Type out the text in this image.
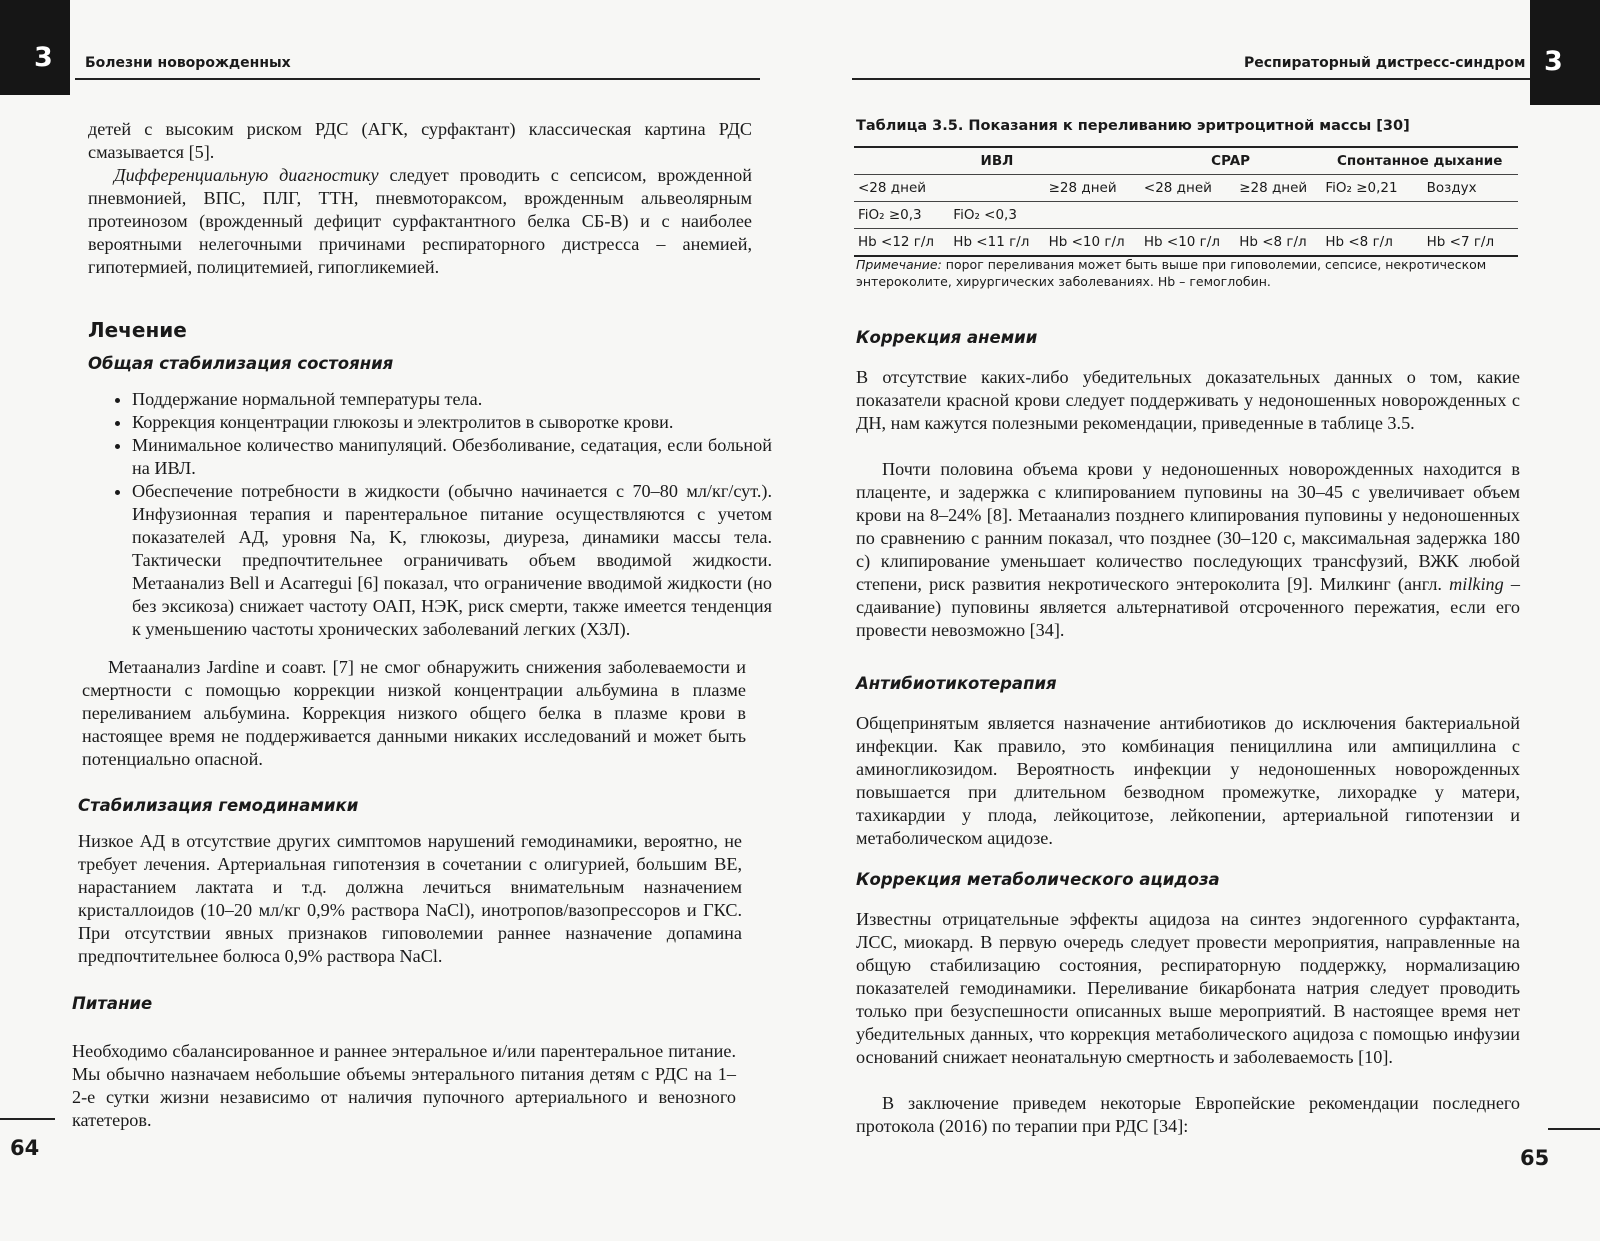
3 Болезни новорожденных
детей с высоким риском РДС (АГК, сурфактант) классическая картина РДС смазывается [5].
Дифференциальную диагностику следует проводить с сепсисом, врожденной пневмонией, ВПС, ПЛГ, ТТН, пневмотораксом, врожденным альвеолярным протеинозом (врожденный дефицит сурфактантного белка СБ-В) и с наиболее вероятными нелегочными причинами респираторного дистресса – анемией, гипотермией, полицитемией, гипогликемией.
Лечение
Общая стабилизация состояния
• Поддержание нормальной температуры тела.
• Коррекция концентрации глюкозы и электролитов в сыворотке крови.
• Минимальное количество манипуляций. Обезболивание, седатация, если больной на ИВЛ.
• Обеспечение потребности в жидкости (обычно начинается с 70–80 мл/кг/сут.). Инфузионная терапия и парентеральное питание осуществляются с учетом показателей АД, уровня Na, K, глюкозы, диуреза, динамики массы тела. Тактически предпочтительнее ограничивать объем вводимой жидкости. Метаанализ Bell и Acarregui [6] показал, что ограничение вводимой жидкости (но без эксикоза) снижает частоту ОАП, НЭК, риск смерти, также имеется тенденция к уменьшению частоты хронических заболеваний легких (ХЗЛ).
Метаанализ Jardine и соавт. [7] не смог обнаружить снижения заболеваемости и смертности с помощью коррекции низкой концентрации альбумина в плазме переливанием альбумина. Коррекция низкого общего белка в плазме крови в настоящее время не поддерживается данными никаких исследований и может быть потенциально опасной.
Стабилизация гемодинамики
Низкое АД в отсутствие других симптомов нарушений гемодинамики, вероятно, не требует лечения. Артериальная гипотензия в сочетании с олигурией, большим ВЕ, нарастанием лактата и т.д. должна лечиться внимательным назначением кристаллоидов (10–20 мл/кг 0,9% раствора NaCl), инотропов/вазопрессоров и ГКС. При отсутствии явных признаков гиповолемии раннее назначение допамина предпочтительнее болюса 0,9% раствора NaCl.
Питание
Необходимо сбалансированное и раннее энтеральное и/или парентеральное питание. Мы обычно назначаем небольшие объемы энтерального питания детям с РДС на 1–2-е сутки жизни независимо от наличия пупочного артериального и венозного катетеров.
64
3
Респираторный дистресс-синдром
Таблица 3.5. Показания к переливанию эритроцитной массы [30]
ИВЛ			CPAP		Спонтанное дыхание	
<28 дней		≥28 дней	<28 дней	≥28 дней	FiO₂ ≥0,21	Воздух
FiO₂ ≥0,3	FiO₂ <0,3					
Hb <12 г/л	Hb <11 г/л	Hb <10 г/л	Hb <10 г/л	Hb <8 г/л	Hb <8 г/л	Hb <7 г/л
Примечание: порог переливания может быть выше при гиповолемии, сепсисе, некротическом энтероколите, хирургических заболеваниях. Hb – гемоглобин.
Коррекция анемии
В отсутствие каких-либо убедительных доказательных данных о том, какие показатели красной крови следует поддерживать у недоношенных новорожденных с ДН, нам кажутся полезными рекомендации, приведенные в таблице 3.5.
Почти половина объема крови у недоношенных новорожденных находится в плаценте, и задержка с клипированием пуповины на 30–45 с увеличивает объем крови на 8–24% [8]. Метаанализ позднего клипирования пуповины у недоношенных по сравнению с ранним показал, что позднее (30–120 с, максимальная задержка 180 с) клипирование уменьшает количество последующих трансфузий, ВЖК любой степени, риск развития некротического энтероколита [9]. Милкинг (англ. milking – сдаивание) пуповины является альтернативой отсроченного пережатия, если его провести невозможно [34].
Антибиотикотерапия
Общепринятым является назначение антибиотиков до исключения бактериальной инфекции. Как правило, это комбинация пенициллина или ампициллина с аминогликозидом. Вероятность инфекции у недоношенных новорожденных повышается при длительном безводном промежутке, лихорадке у матери, тахикардии у плода, лейкоцитозе, лейкопении, артериальной гипотензии и метаболическом ацидозе.
Коррекция метаболического ацидоза
Известны отрицательные эффекты ацидоза на синтез эндогенного сурфактанта, ЛСС, миокард. В первую очередь следует провести мероприятия, направленные на общую стабилизацию состояния, респираторную поддержку, нормализацию показателей гемодинамики. Переливание бикарбоната натрия следует проводить только при безуспешности описанных выше мероприятий. В настоящее время нет убедительных данных, что коррекция метаболического ацидоза с помощью инфузии оснований снижает неонатальную смертность и заболеваемость [10].
В заключение приведем некоторые Европейские рекомендации последнего протокола (2016) по терапии при РДС [34]:
65
